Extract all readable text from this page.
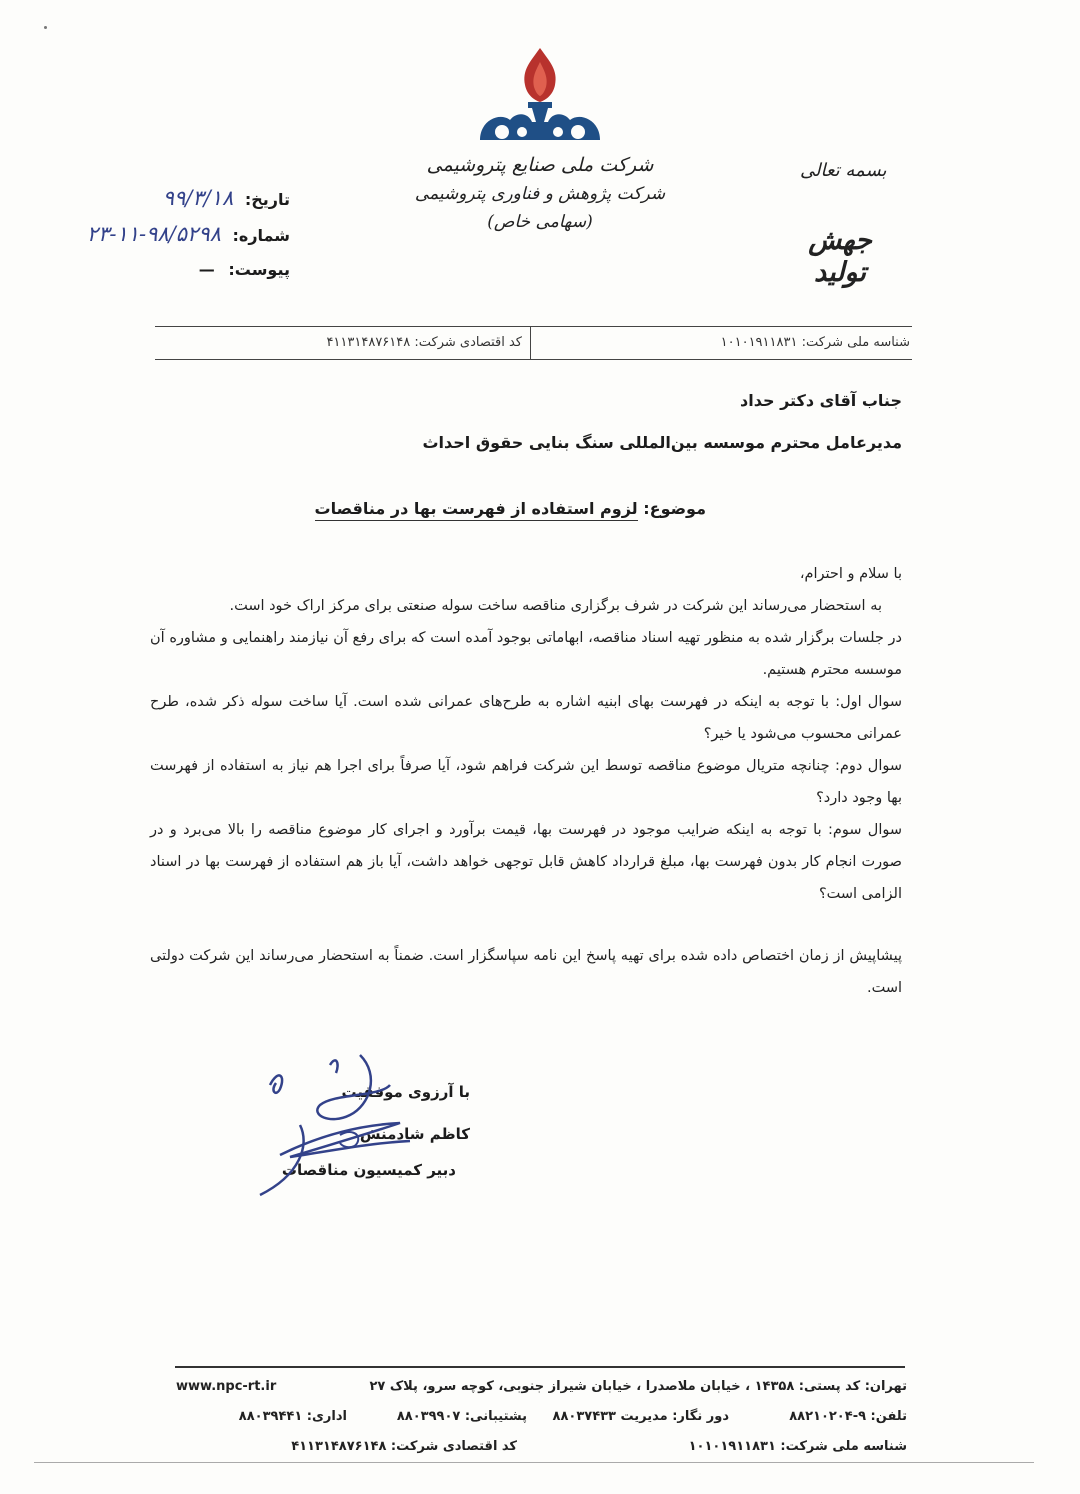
شرکت ملی صنایع پتروشیمی
شرکت پژوهش و فناوری پتروشیمی (سهامی خاص)
بسمه تعالی
جهش تولید
تاریخ: ۹۹/۳/۱۸
شماره: ۹۸/۵۲۹۸-۱۱-۲۳
پیوست: —
شناسه ملی شرکت: ۱۰۱۰۱۹۱۱۸۳۱
کد اقتصادی شرکت: ۴۱۱۳۱۴۸۷۶۱۴۸
جناب آقای دکتر حداد
مدیرعامل محترم موسسه بین‌المللی سنگ بنایی حقوق احداث
موضوع: لزوم استفاده از فهرست بها در مناقصات

با سلام و احترام،

به استحضار می‌رساند این شرکت در شرف برگزاری مناقصه ساخت سوله صنعتی برای مرکز اراک خود است.

در جلسات برگزار شده به منظور تهیه اسناد مناقصه، ابهاماتی بوجود آمده است که برای رفع آن نیازمند راهنمایی و مشاوره آن موسسه محترم هستیم.

سوال اول: با توجه به اینکه در فهرست بهای ابنیه اشاره به طرح‌های عمرانی شده است. آیا ساخت سوله ذکر شده، طرح عمرانی محسوب می‌شود یا خیر؟

سوال دوم: چنانچه متریال موضوع مناقصه توسط این شرکت فراهم شود، آیا صرفاً برای اجرا هم نیاز به استفاده از فهرست بها وجود دارد؟

سوال سوم: با توجه به اینکه ضرایب موجود در فهرست بها، قیمت برآورد و اجرای کار موضوع مناقصه را بالا می‌برد و در صورت انجام کار بدون فهرست بها، مبلغ قرارداد کاهش قابل توجهی خواهد داشت، آیا باز هم استفاده از فهرست بها در اسناد الزامی است؟

پیشاپیش از زمان اختصاص داده شده برای تهیه پاسخ این نامه سپاسگزار است. ضمناً به استحضار می‌رساند این شرکت دولتی است.

با آرزوی موفقیت
کاظم شادمنش
دبیر کمیسیون مناقصات
تهران: کد پستی: ۱۴۳۵۸ ، خیابان ملاصدرا ، خیابان شیراز جنوبی، کوچه سرو، پلاک ۲۷
www.npc-rt.ir
تلفن: ۹-۸۸۲۱۰۲۰۴
دور نگار: مدیریت ۸۸۰۳۷۴۳۳
پشتیبانی: ۸۸۰۳۹۹۰۷
اداری: ۸۸۰۳۹۴۴۱
شناسه ملی شرکت: ۱۰۱۰۱۹۱۱۸۳۱
کد اقتصادی شرکت: ۴۱۱۳۱۴۸۷۶۱۴۸
